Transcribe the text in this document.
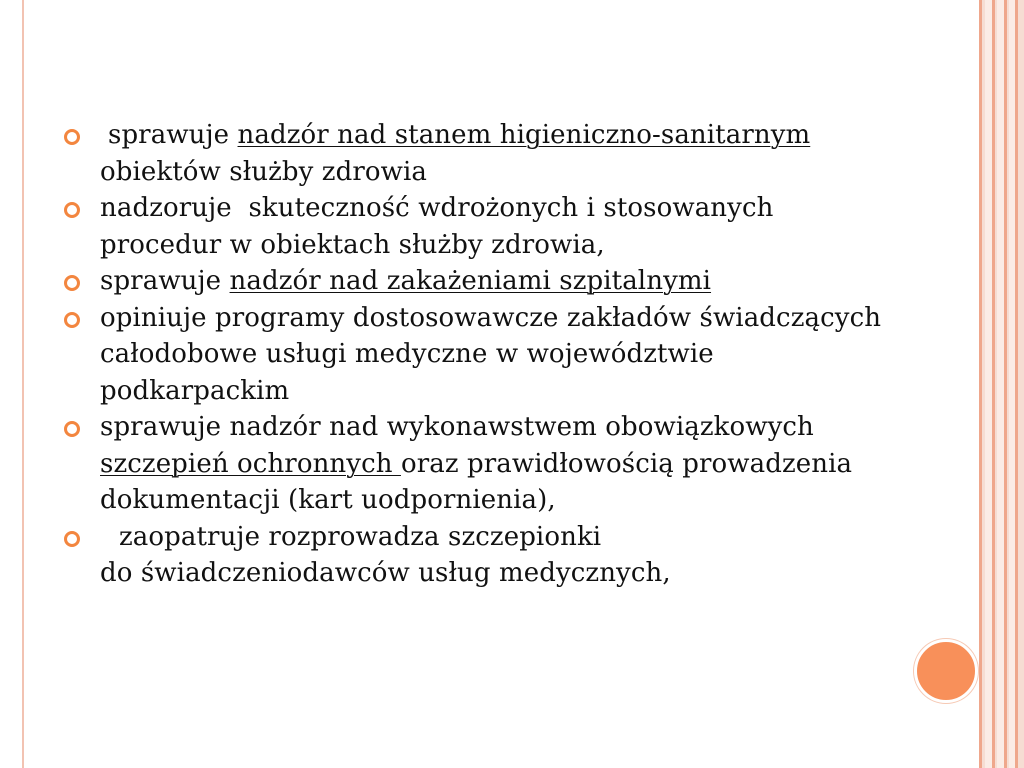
sprawuje nadzór nad stanem higieniczno-sanitarnym obiektów służby zdrowia
nadzoruje  skuteczność wdrożonych i stosowanych procedur w obiektach służby zdrowia,
sprawuje nadzór nad zakażeniami szpitalnymi
opiniuje programy dostosowawcze zakładów świadczących całodobowe usługi medyczne w województwie podkarpackim
sprawuje nadzór nad wykonawstwem obowiązkowych szczepień ochronnych oraz prawidłowością prowadzenia dokumentacji (kart uodpornienia),
zaopatruje rozprowadza szczepionki
do świadczeniodawców usług medycznych,
